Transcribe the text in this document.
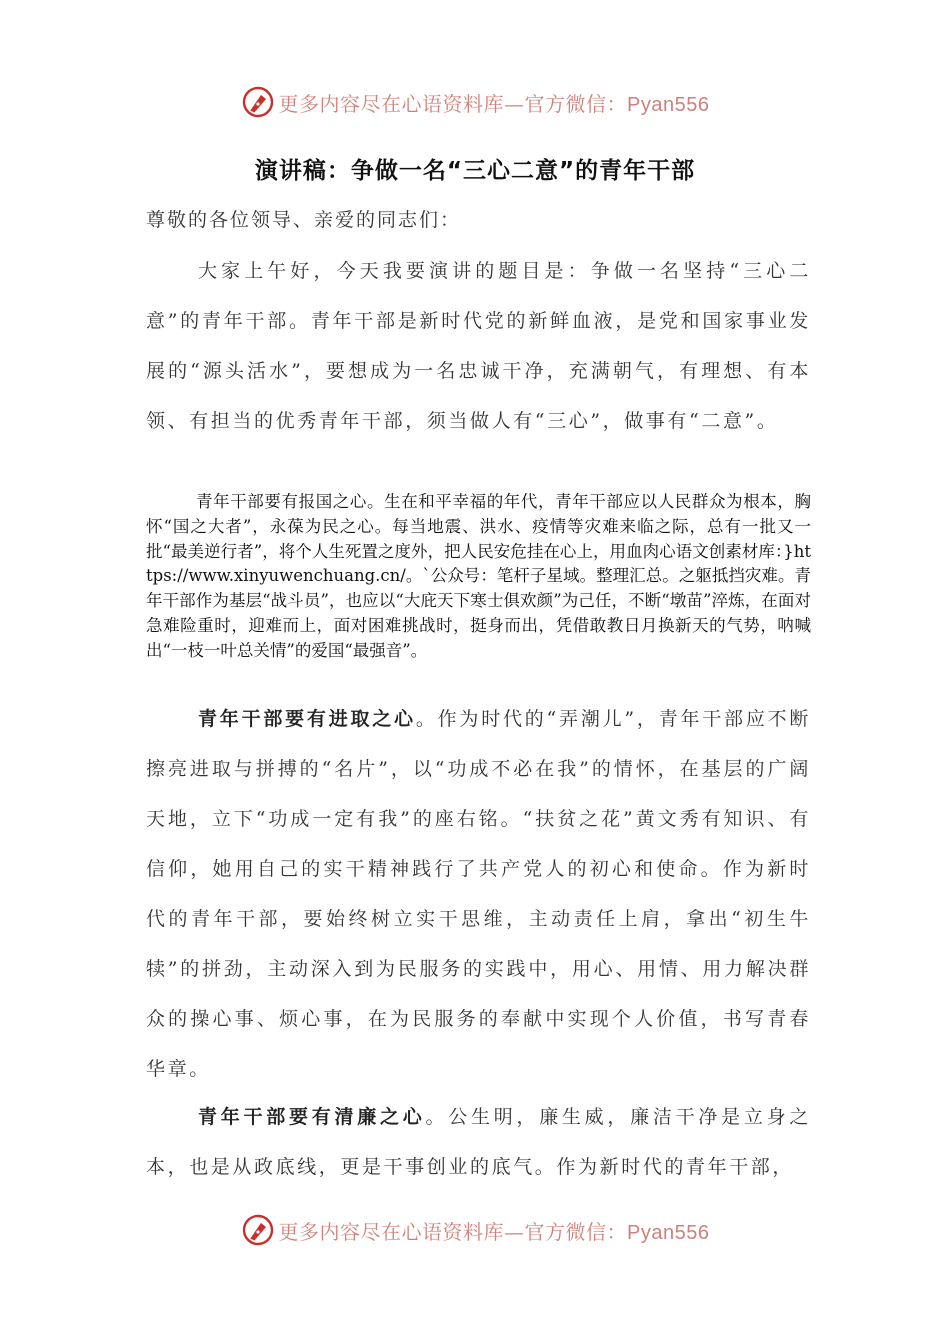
更多内容尽在心语资料库—官方微信：Pyan556
演讲稿：争做一名“三心二意”的青年干部
尊敬的各位领导、亲爱的同志们：

大家上午好，今天我要演讲的题目是：争做一名坚持“三心二意”的青年干部。青年干部是新时代党的新鲜血液，是党和国家事业发展的“源头活水”，要想成为一名忠诚干净，充满朝气，有理想、有本领、有担当的优秀青年干部，须当做人有“三心”，做事有“二意”。

青年干部要有报国之心。生在和平幸福的年代，青年干部应以人民群众为根本，胸怀“国之大者”，永葆为民之心。每当地震、洪水、疫情等灾难来临之际，总有一批又一批“最美逆行者”，将个人生死置之度外，把人民安危挂在心上，用血肉心语文创素材库：}https://www.xinyuwenchuang.cn/。`公众号：笔杆子星域。整理汇总。之躯抵挡灾难。青年干部作为基层“战斗员”，也应以“大庇天下寒士俱欢颜”为己任，不断“墩苗”淬炼，在面对急难险重时，迎难而上，面对困难挑战时，挺身而出，凭借敢教日月换新天的气势，呐喊出“一枝一叶总关情”的爱国“最强音”。

青年干部要有进取之心。作为时代的“弄潮儿”，青年干部应不断擦亮进取与拼搏的“名片”，以“功成不必在我”的情怀，在基层的广阔天地，立下“功成一定有我”的座右铭。“扶贫之花”黄文秀有知识、有信仰，她用自己的实干精神践行了共产党人的初心和使命。作为新时代的青年干部，要始终树立实干思维，主动责任上肩，拿出“初生牛犊”的拼劲，主动深入到为民服务的实践中，用心、用情、用力解决群众的操心事、烦心事，在为民服务的奉献中实现个人价值，书写青春华章。

青年干部要有清廉之心。公生明，廉生威，廉洁干净是立身之本，也是从政底线，更是干事创业的底气。作为新时代的青年干部，

更多内容尽在心语资料库—官方微信：Pyan556
